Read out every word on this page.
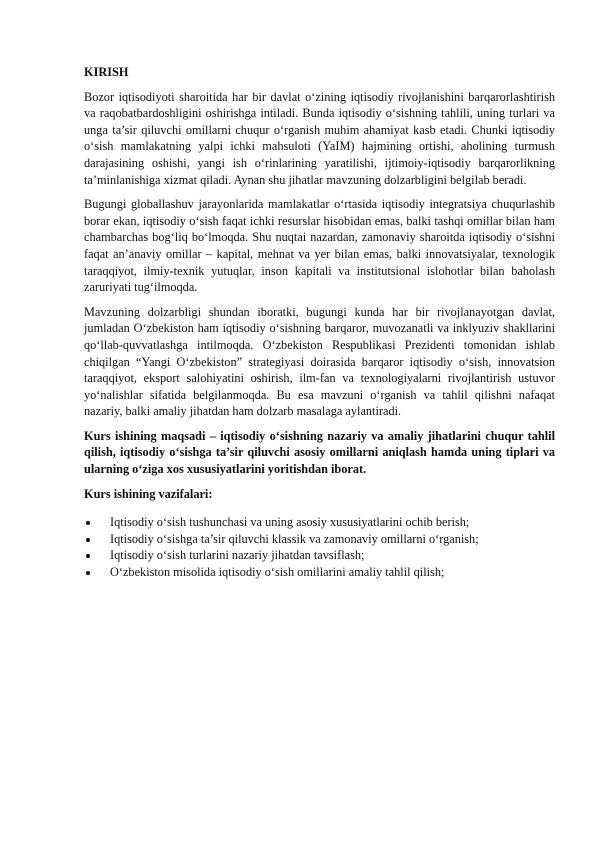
KIRISH

Bozor iqtisodiyoti sharoitida har bir davlat o‘zining iqtisodiy rivojlanishini barqarorlashtirish va raqobatbardoshligini oshirishga intiladi. Bunda iqtisodiy o‘sishning tahlili, uning turlari va unga ta’sir qiluvchi omillarni chuqur o‘rganish muhim ahamiyat kasb etadi. Chunki iqtisodiy o‘sish mamlakatning yalpi ichki mahsuloti (YaIM) hajmining ortishi, aholining turmush darajasining oshishi, yangi ish o‘rinlarining yaratilishi, ijtimoiy-iqtisodiy barqarorlikning ta’minlanishiga xizmat qiladi. Aynan shu jihatlar mavzuning dolzarbligini belgilab beradi.

Bugungi globallashuv jarayonlarida mamlakatlar o‘rtasida iqtisodiy integratsiya chuqurlashib borar ekan, iqtisodiy o‘sish faqat ichki resurslar hisobidan emas, balki tashqi omillar bilan ham chambarchas bog‘liq bo‘lmoqda. Shu nuqtai nazardan, zamonaviy sharoitda iqtisodiy o‘sishni faqat an’anaviy omillar – kapital, mehnat va yer bilan emas, balki innovatsiyalar, texnologik taraqqiyot, ilmiy-texnik yutuqlar, inson kapitali va institutsional islohotlar bilan baholash zaruriyati tug‘ilmoqda.

Mavzuning dolzarbligi shundan iboratki, bugungi kunda har bir rivojlanayotgan davlat, jumladan O‘zbekiston ham iqtisodiy o‘sishning barqaror, muvozanatli va inklyuziv shakllarini qo‘llab-quvvatlashga intilmoqda. O‘zbekiston Respublikasi Prezidenti tomonidan ishlab chiqilgan “Yangi O‘zbekiston” strategiyasi doirasida barqaror iqtisodiy o‘sish, innovatsion taraqqiyot, eksport salohiyatini oshirish, ilm-fan va texnologiyalarni rivojlantirish ustuvor yo‘nalishlar sifatida belgilanmoqda. Bu esa mavzuni o‘rganish va tahlil qilishni nafaqat nazariy, balki amaliy jihatdan ham dolzarb masalaga aylantiradi.

Kurs ishining maqsadi – iqtisodiy o‘sishning nazariy va amaliy jihatlarini chuqur tahlil qilish, iqtisodiy o‘sishga ta’sir qiluvchi asosiy omillarni aniqlash hamda uning tiplari va ularning o‘ziga xos xususiyatlarini yoritishdan iborat.

Kurs ishining vazifalari:
Iqtisodiy o‘sish tushunchasi va uning asosiy xususiyatlarini ochib berish;
Iqtisodiy o‘sishga ta’sir qiluvchi klassik va zamonaviy omillarni o‘rganish;
Iqtisodiy o‘sish turlarini nazariy jihatdan tavsiflash;
O‘zbekiston misolida iqtisodiy o‘sish omillarini amaliy tahlil qilish;
